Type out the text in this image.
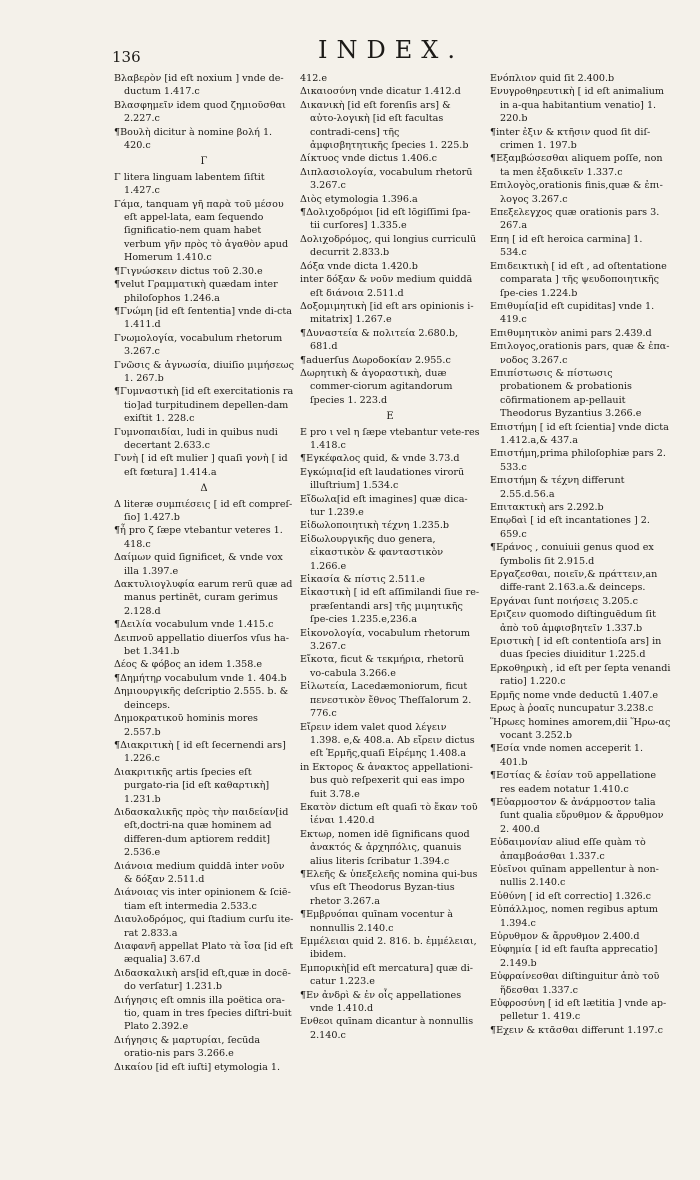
136	INDEX.

Βλαβερὸν [id eſt noxium ] vnde de-ductum 1.417.c

Βλασφημεῖν idem quod ζημιοῦσθαι 2.227.c

¶Βουλὴ dicitur à nomine βολή 1. 420.c

Γ

Γ litera linguam labentem ſiſtit 1.427.c

Γάμα, tanquam γῆ παρὰ τοῦ μέσου eſt appel-lata, eam ſequendo ſignificatio-nem quam habet verbum γῆν πρὸς τὸ ἀγαθὸν apud Homerum 1.410.c

¶Γιγνώσκειν dictus τοῦ 2.30.e

¶velut Γραμματικὴ quædam inter philoſophos 1.246.a

¶Γνώμη [id eſt ſententia] vnde di-cta 1.411.d

Γνωμολογία, vocabulum rhetorum 3.267.c

Γνῶσις & ἀγνωσία, diuiſio μιμήσεως 1. 267.b

¶Γυμναστικὴ [id eſt exercitationis ra tio]ad turpitudinem depellen-dam exiſtit 1. 228.c

Γυμνοπαιδίαι, ludi in quibus nudi decertant 2.633.c

Γυνὴ [ id eſt mulier ] quaſi γονὴ [ id eſt fœtura] 1.414.a

Δ

Δ literæ συμπιέσεις [ id eſt compreſ-ſio] 1.427.b

¶ἦ pro ζ ſæpe vtebantur veteres 1. 418.c

Δαίμων quid ſignificet, & vnde vox illa 1.397.e

Δακτυλιογλυφία earum rerū quæ ad manus pertinēt, curam gerimus 2.128.d

¶Δειλία vocabulum vnde 1.415.c

Δειπνοῦ appellatio diuerſos vſus ha-bet 1.341.b

Δέος & φόβος an idem 1.358.e

¶Δημήτηρ vocabulum vnde 1. 404.b

Δημιουργικῆς deſcriptio 2.555. b. & deinceps.

Δημοκρατικοῦ hominis mores 2.557.b

¶Διακριτικὴ [ id eſt ſecernendi ars] 1.226.c

Διακριτικῆς artis ſpecies eſt purgato-ria [id eſt καθαρτικὴ] 1.231.b

Διδασκαλικῆς πρὸς τὴν παιδείαν[id eſt,doctri-na quæ hominem ad differen-dum aptiorem reddit] 2.536.e

Διάνοια medium quiddā inter νοῦν & δόξαν 2.511.d

Διάνοιας vis inter opinionem & ſciē-tiam eſt intermedia 2.533.c

Διαυλοδρόμος, qui ſtadium curſu ite-rat 2.833.a

Διαφανῆ appellat Plato τὰ ἴσα [id eſt æqualia] 3.67.d

Διδασκαλικὴ ars[id eſt,quæ in docē-do verſatur] 1.231.b

Διήγησις eſt omnis illa poëtica ora-tio, quam in tres ſpecies diſtri-buit Plato 2.392.e

Διήγησις & μαρτυρίαι, ſecūda oratio-nis pars 3.266.e

Δικαίου [id eſt iuſti] etymologia 1.

412.e

Δικαιοσύνη vnde dicatur 1.412.d

Δικανικὴ [id eſt forenſis ars] & αὐτο-λογικὴ [id eſt facultas contradi-cens] τῆς ἀμφισβητητικῆς ſpecies 1. 225.b

Δίκτυος vnde dictus 1.406.c

Διπλασιολογία, vocabulum rhetorū 3.267.c

Διὸς etymologia 1.396.a

¶Δολιχοδρόμοι [id eſt lōgiſſimi ſpa-tii curſores] 1.335.e

Δολιχοδρόμος, qui longius curriculū decurrit 2.833.b

Δόξα vnde dicta 1.420.b

inter δόξαν & νοῦν medium quiddā eſt διάνοια 2.511.d

Δοξομιμητικὴ [id eſt ars opinionis i-mitatrix] 1.267.e

¶Δυναστεία & πολιτεία 2.680.b, 681.d

¶aduerſus Δωροδοκίαν 2.955.c

Δωρητικὴ & ἀγοραστικὴ, duæ commer-ciorum agitandorum ſpecies 1. 223.d

Ε

Ε pro ι vel η ſæpe vtebantur vete-res 1.418.c

¶Εγκέφαλος quid, & vnde 3.73.d

Εγκώμια[id eſt laudationes virorū illuſtrium] 1.534.c

Εἴδωλα[id eſt imagines] quæ dica-tur 1.239.e

Εἰδωλοποιητικὴ τέχνη 1.235.b

Εἰδωλουργικῆς duo genera, εἰκαστικὸν & φανταστικὸν 1.266.e

Εἰκασία & πίστις 2.511.e

Εἰκαστικὴ [ id eſt aſſimilandi ſiue re-præſentandi ars] τῆς μιμητικῆς ſpe-cies 1.235.e,236.a

Εἰκονολογία, vocabulum rhetorum 3.267.c

Εἴκοτα, ficut & τεκμήρια, rhetorū vo-cabula 3.266.e

Εἰλωτεία, Lacedæmoniorum, ficut πενεστικὸν ἔθνος Theſſalorum 2. 776.c

Εἴρειν idem valet quod λέγειν 1.398. e,& 408.a. Ab εἴρειν dictus eſt Ἑρμῆς,quaſi Εἰρέμης 1.408.a

in Εκτορος & ἀνακτος appellationi-bus quò reſpexerit qui eas impo fuit 3.78.e

Εκατὸν dictum eſt quaſi τὸ ἔκαν τοῦ ἰέναι 1.420.d

Εκτωρ, nomen idē ſignificans quod ἀνακτός & ἀρχηπόλις, quanuis alius literis ſcribatur 1.394.c

¶Ελεῆς & ὑπεξελεῆς nomina qui-bus vſus eſt Theodorus Byzan-tius rhetor 3.267.a

¶Εμβρυόπαι quīnam vocentur à nonnullis 2.140.c

Εμμέλειαι quid 2. 816. b. ἐμμέλειαι, ibidem.

Εμπορικὴ[id eſt mercatura] quæ di-catur 1.223.e

¶Εν ἀνδρὶ & ἐν οἷς appellationes vnde 1.410.d

Ενθεοι quīnam dicantur à nonnullis 2.140.c

Ενόπλιον quid ſit 2.400.b

Ενυγροθηρευτικὴ [ id eſt animalium in a-qua habitantium venatio] 1. 220.b

¶inter ἐξιν & κτῆσιν quod ſit diſ-crimen 1. 197.b

¶Εξαμβώσεσθαι aliquem poſſe, non ta men ἐξαδικεῖν 1.337.c

Επιλογὸς,orationis finis,quæ & ἐπι-λογος 3.267.c

Επεξελεγχος quæ orationis pars 3. 267.a

Επη [ id eſt heroica carmina] 1. 534.c

Επιδεικτικὴ [ id eſt , ad oſtentatione comparata ] τῆς ψευδοποιητικῆς ſpe-cies 1.224.b

Επιθυμία[id eſt cupiditas] vnde 1. 419.c

Επιθυμητικὸν animi pars 2.439.d

Επιλογος,orationis pars, quæ & ἐπα-νοδος 3.267.c

Επιπίστωσις & πίστωσις probationem & probationis cōfirmationem ap-pellauit Theodorus Byzantius 3.266.e

Επιστήμη [ id eſt ſcientia] vnde dicta 1.412.a,& 437.a

Επιστήμη,prima philoſophiæ pars 2. 533.c

Επιστήμη & τέχνη differunt 2.55.d.56.a

Επιτακτικὴ ars 2.292.b

Επῳδαὶ [ id eſt incantationes ] 2. 659.c

¶Εράνος , conuiuii genus quod ex ſymbolis ſit 2.915.d

Εργαζεσθαι, ποιεῖν,& πράττειν,an diffe-rant 2.163.a.& deinceps.

Εργάναι ſunt ποιήσεις 3.205.c

Εριζειν quomodo diſtinguēdum ſit ἀπὸ τοῦ ἀμφισβητεῖν 1.337.b

Εριστικὴ [ id eſt contentioſa ars] in duas ſpecies diuiditur 1.225.d

Ερκοθηρικὴ , id eſt per ſepta venandi ratio] 1.220.c

Ερμῆς nome vnde deductū 1.407.e

Ερως à ῥοαῖς nuncupatur 3.238.c

Ἥρωες homines amorem,dii Ἥρω-ας vocant 3.252.b

¶Εσία vnde nomen acceperit 1. 401.b

¶Εστίας & ἐσίαν τοῦ appellatione res eadem notatur 1.410.c

¶Εὐαρμοστον & ἀνάρμοστον talia ſunt qualia εὔρυθμον & ἄρρυθμον 2. 400.d

Εὐδαιμονίαν aliud eſſe quàm τὸ ἀπαμβοάσθαι 1.337.c

Εὐεῖνοι quīnam appellentur à non-nullis 2.140.c

Εὐθύνη [ id eſt correctio] 1.326.c

Εὐπάλλμος, nomen regibus aptum 1.394.c

Εὐρυθμον & ἄρρυθμον 2.400.d

Εὐφημία [ id eſt fauſta apprecatio] 2.149.b

Εὐφραίνεσθαι diſtinguitur ἀπὸ τοῦ ἥδεσθαι 1.337.c

Εὐφροσύνη [ id eſt lætitia ] vnde ap-pelletur 1. 419.c

¶Εχειν & κτᾶσθαι differunt 1.197.c
